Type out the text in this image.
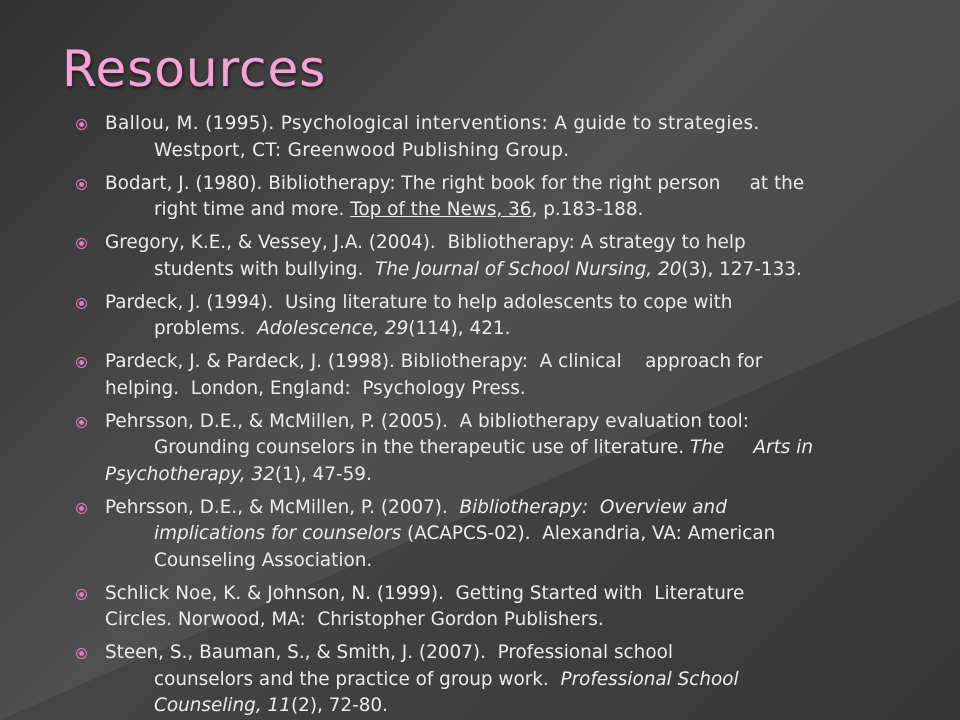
Resources
Ballou, M. (1995). Psychological interventions: A guide to strategies.
Westport, CT: Greenwood Publishing Group.
Bodart, J. (1980). Bibliotherapy: The right book for the right person     at the
right time and more. Top of the News, 36, p.183-188.
Gregory, K.E., & Vessey, J.A. (2004).  Bibliotherapy: A strategy to help
students with bullying.  The Journal of School Nursing, 20(3), 127-133.
Pardeck, J. (1994).  Using literature to help adolescents to cope with
problems.  Adolescence, 29(114), 421.
Pardeck, J. & Pardeck, J. (1998). Bibliotherapy:  A clinical    approach for
helping.  London, England:  Psychology Press.
Pehrsson, D.E., & McMillen, P. (2005).  A bibliotherapy evaluation tool:
Grounding counselors in the therapeutic use of literature. The     Arts in
Psychotherapy, 32(1), 47-59.
Pehrsson, D.E., & McMillen, P. (2007).  Bibliotherapy:  Overview and
implications for counselors (ACAPCS-02).  Alexandria, VA: American
Counseling Association.
Schlick Noe, K. & Johnson, N. (1999).  Getting Started with  Literature
Circles. Norwood, MA:  Christopher Gordon Publishers.
Steen, S., Bauman, S., & Smith, J. (2007).  Professional school
counselors and the practice of group work.  Professional School
Counseling, 11(2), 72-80.
